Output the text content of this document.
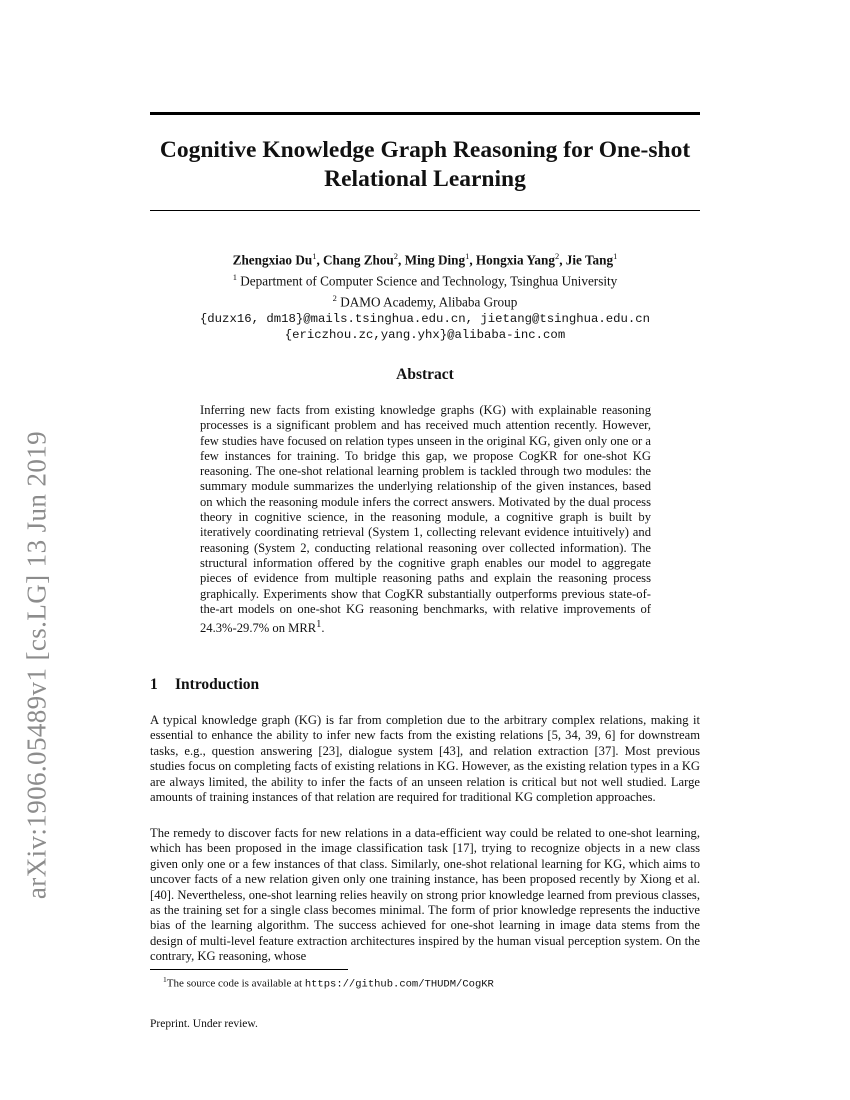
arXiv:1906.05489v1 [cs.LG] 13 Jun 2019
Cognitive Knowledge Graph Reasoning for One-shot
Relational Learning
Zhengxiao Du$^1$, Chang Zhou$^2$, Ming Ding$^1$, Hongxia Yang$^2$, Jie Tang$^1$
$^1$ Department of Computer Science and Technology, Tsinghua University
$^2$ DAMO Academy, Alibaba Group
{duzx16, dm18}@mails.tsinghua.edu.cn, jietang@tsinghua.edu.cn
{ericzhou.zc,yang.yhx}@alibaba-inc.com
Abstract

Inferring new facts from existing knowledge graphs (KG) with explainable reasoning processes is a significant problem and has received much attention recently. However, few studies have focused on relation types unseen in the original KG, given only one or a few instances for training. To bridge this gap, we propose CogKR for one-shot KG reasoning. The one-shot relational learning problem is tackled through two modules: the summary module summarizes the underlying relationship of the given instances, based on which the reasoning module infers the correct answers. Motivated by the dual process theory in cognitive science, in the reasoning module, a cognitive graph is built by iteratively coordinating retrieval (System 1, collecting relevant evidence intuitively) and reasoning (System 2, conducting relational reasoning over collected information). The structural information offered by the cognitive graph enables our model to aggregate pieces of evidence from multiple reasoning paths and explain the reasoning process graphically. Experiments show that CogKR substantially outperforms previous state-of-the-art models on one-shot KG reasoning benchmarks, with relative improvements of 24.3%-29.7% on MRR$^1$.

1 Introduction

A typical knowledge graph (KG) is far from completion due to the arbitrary complex relations, making it essential to enhance the ability to infer new facts from the existing relations [5, 34, 39, 6] for downstream tasks, e.g., question answering [23], dialogue system [43], and relation extraction [37]. Most previous studies focus on completing facts of existing relations in KG. However, as the existing relation types in a KG are always limited, the ability to infer the facts of an unseen relation is critical but not well studied. Large amounts of training instances of that relation are required for traditional KG completion approaches.

The remedy to discover facts for new relations in a data-efficient way could be related to one-shot learning, which has been proposed in the image classification task [17], trying to recognize objects in a new class given only one or a few instances of that class. Similarly, one-shot relational learning for KG, which aims to uncover facts of a new relation given only one training instance, has been proposed recently by Xiong et al. [40]. Nevertheless, one-shot learning relies heavily on strong prior knowledge learned from previous classes, as the training set for a single class becomes minimal. The form of prior knowledge represents the inductive bias of the learning algorithm. The success achieved for one-shot learning in image data stems from the design of multi-level feature extraction architectures inspired by the human visual perception system. On the contrary, KG reasoning, whose

$^1$The source code is available at https://github.com/THUDM/CogKR

Preprint. Under review.
